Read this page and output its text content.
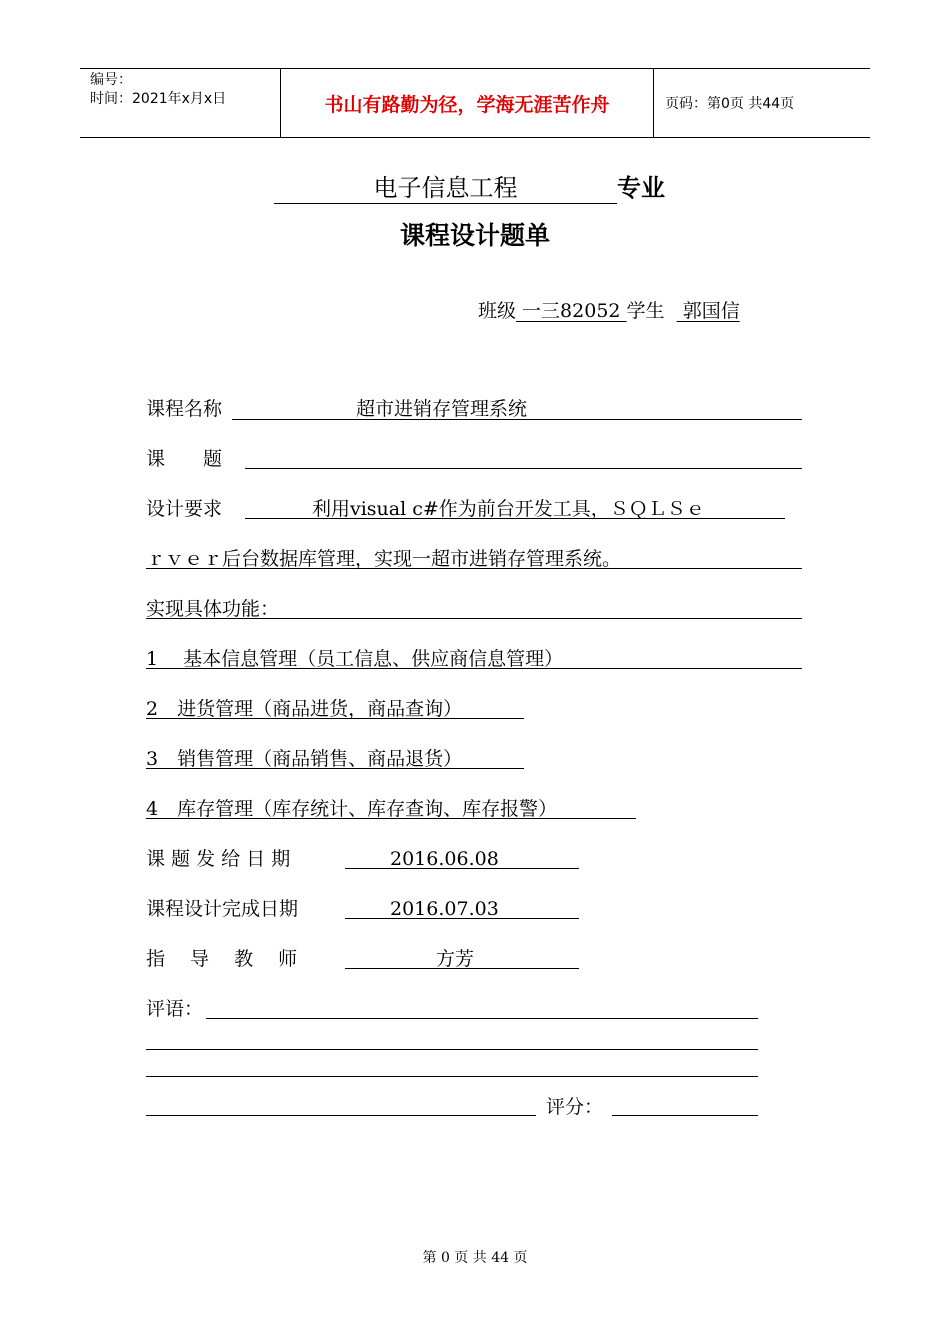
编号：
时间：2021年x月x日	书山有路勤为径，学海无涯苦作舟	页码：第0页 共44页
电子信息工程	专业
课程设计题单
班级 一三82052 学生   郭国信
课程名称	超市进销存管理系统
课　　题
设计要求	利用visual c#作为前台开发工具，ＳＱＬＳｅ
ｒｖｅｒ后台数据库管理，实现一超市进销存管理系统。
实现具体功能：
1　 基本信息管理（员工信息、供应商信息管理）
2　进货管理（商品进货，商品查询）
3　销售管理（商品销售、商品退货）
4　库存管理（库存统计、库存查询、库存报警）
课 题 发 给 日 期	2016.06.08
课程设计完成日期	2016.07.03
指　 导　 教　 师	方芳
评语：
评分：
第 0 页 共 44 页
